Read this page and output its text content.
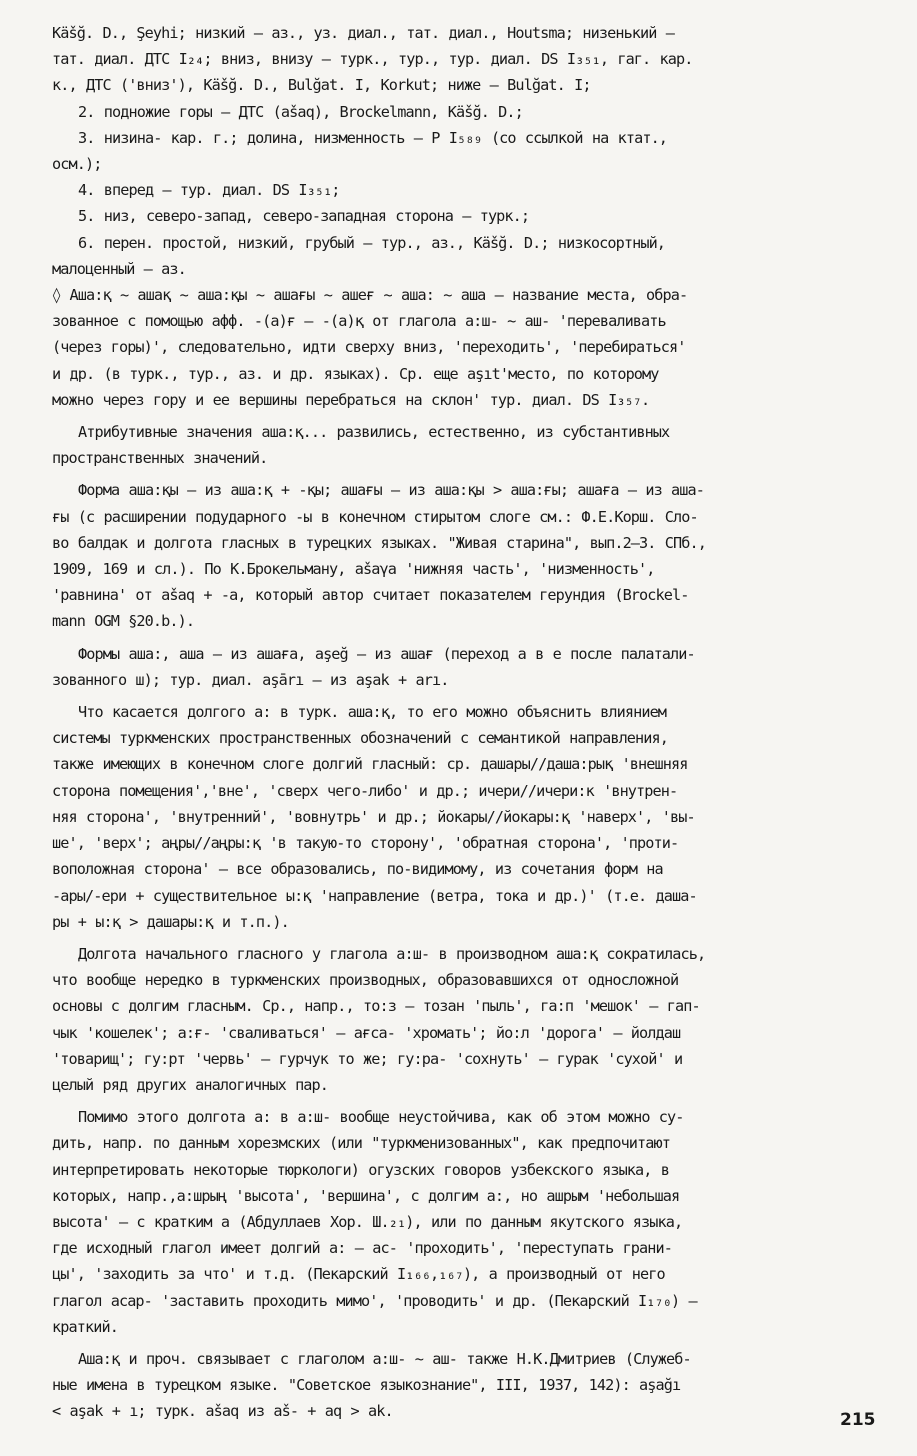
Käšğ. D., Şeyhi; низкий – аз., уз. диал., тат. диал., Houtsma; низенький –

тат. диал. ДТС I₂₄; вниз, внизу – турк., тур., тур. диал. DS I₃₅₁, гаг. кар.

к., ДТС ('вниз'), Käšğ. D., Bulğat. I, Korkut; ниже – Bulğat. I;

2. подножие горы – ДТС (ašaq), Brockelmann, Käšğ. D.;

3. низина- кар. г.; долина, низменность – Р I₅₈₉ (со ссылкой на ктат.,

осм.);

4. вперед – тур. диал. DS I₃₅₁;

5. низ, северо-запад, северо-западная сторона – турк.;

6. перен. простой, низкий, грубый – тур., аз., Käšğ. D.; низкосортный,

малоценный – аз.

◊ Аша:қ ~ ашақ ~ аша:қы ~ ашағы ~ ашеғ ~ аша: ~ аша – название места, обра-

зованное с помощью афф. -(а)ғ – -(а)қ от глагола а:ш- ~ аш- 'переваливать

(через горы)', следовательно, идти сверху вниз, 'переходить', 'перебираться'

и др. (в турк., тур., аз. и др. языках). Ср. еще aşıt'место, по которому

можно через гору и ее вершины перебраться на склон' тур. диал. DS I₃₅₇.

Атрибутивные значения аша:қ... развились, естественно, из субстантивных

пространственных значений.

Форма аша:қы – из аша:қ + -қы; ашағы – из аша:қы > аша:ғы; ашаға – из аша-

ғы (с расширении подударного -ы в конечном стирытом слоге см.: Ф.Е.Корш. Сло-

во балдак и долгота гласных в турецких языках. "Живая старина", вып.2–3. СПб.,

1909, 169 и сл.). По К.Брокельману, ašaγa 'нижняя часть', 'низменность',

'равнина' от ašaq + -a, который автор считает показателем герундия (Brockel-

mann OGM §20.b.).

Формы аша:, аша – из ашаға, aşeğ – из ашағ (переход а в е после палатали-

зованного ш); тур. диал. aşārı – из aşak + arı.

Что касается долгого а: в турк. аша:қ, то его можно объяснить влиянием

системы туркменских пространственных обозначений с семантикой направления,

также имеющих в конечном слоге долгий гласный: ср. дашары//даша:рық 'внешняя

сторона помещения','вне', 'сверх чего-либо' и др.; ичери//ичери:к 'внутрен-

няя сторона', 'внутренний', 'вовнутрь' и др.; йокары//йокары:қ 'наверх', 'вы-

ше', 'верх'; аңры//аңры:қ 'в такую-то сторону', 'обратная сторона', 'проти-

воположная сторона' – все образовались, по-видимому, из сочетания форм на

-ары/-ери + существительное ы:қ 'направление (ветра, тока и др.)' (т.е. даша-

ры + ы:қ > дашары:қ и т.п.).

Долгота начального гласного у глагола а:ш- в производном аша:қ сократилась,

что вообще нередко в туркменских производных, образовавшихся от односложной

основы с долгим гласным. Ср., напр., то:з – тозан 'пыль', га:п 'мешок' – гап-

чык 'кошелек'; а:ғ- 'сваливаться' – ағса- 'хромать'; йо:л 'дорога' – йолдаш

'товарищ'; гу:рт 'червь' – гурчук то же; гу:ра- 'сохнуть' – гурак 'сухой' и

целый ряд других аналогичных пар.

Помимо этого долгота а: в а:ш- вообще неустойчива, как об этом можно су-

дить, напр. по данным хорезмских (или "туркменизованных", как предпочитают

интерпретировать некоторые тюркологи) огузских говоров узбекского языка, в

которых, напр.,а:шрың 'высота', 'вершина', с долгим а:, но ашрым 'небольшая

высота' – с кратким а (Абдуллаев Хор. Ш.₂₁), или по данным якутского языка,

где исходный глагол имеет долгий а: – ас- 'проходить', 'переступать грани-

цы', 'заходить за что' и т.д. (Пекарский I₁₆₆,₁₆₇), а производный от него

глагол асар- 'заставить проходить мимо', 'проводить' и др. (Пекарский I₁₇₀) –

краткий.

Аша:қ и проч. связывает с глаголом а:ш- ~ аш- также Н.К.Дмитриев (Служеб-

ные имена в турецком языке. "Советское языкознание", III, 1937, 142): aşağı

< aşak + ı; турк. ašaq из aš- + aq > ak.	215
